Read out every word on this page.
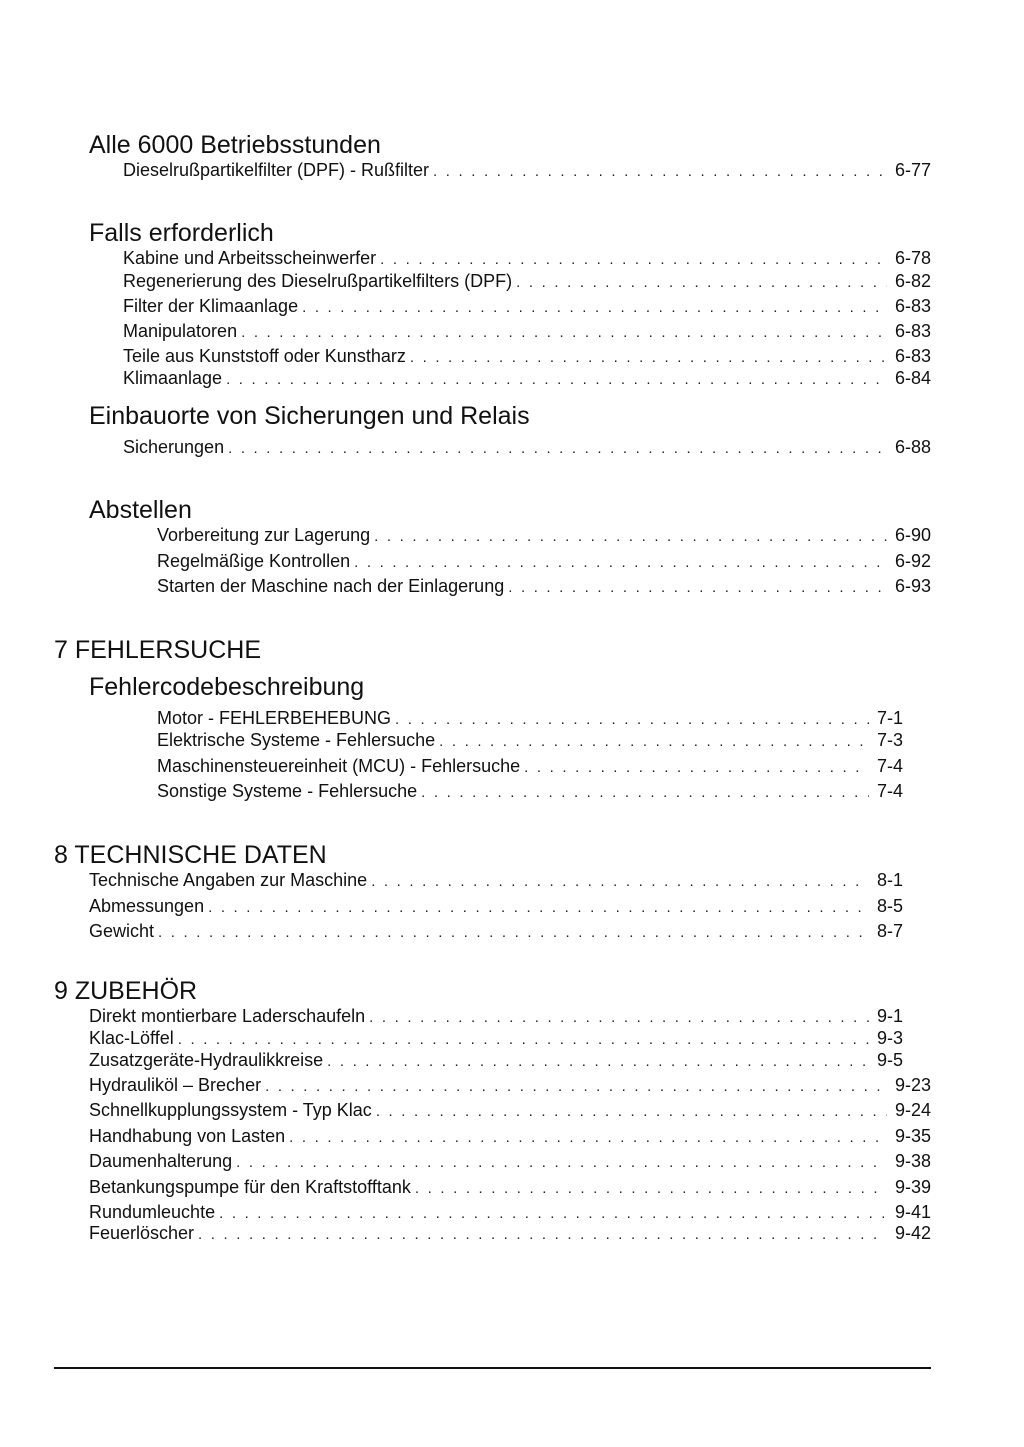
Alle 6000 Betriebsstunden
Dieselrußpartikelfilter (DPF) - Rußfilter . . .	6-77
Falls erforderlich
Kabine und Arbeitsscheinwerfer . . .	6-78
Regenerierung des Dieselrußpartikelfilters (DPF) . . .	6-82
Filter der Klimaanlage . . .	6-83
Manipulatoren . . .	6-83
Teile aus Kunststoff oder Kunstharz . . .	6-83
Klimaanlage . . .	6-84
Einbauorte von Sicherungen und Relais
Sicherungen . . .	6-88
Abstellen
Vorbereitung zur Lagerung . . .	6-90
Regelmäßige Kontrollen . . .	6-92
Starten der Maschine nach der Einlagerung . . .	6-93
7 FEHLERSUCHE
Fehlercodebeschreibung
Motor - FEHLERBEHEBUNG . . .	7-1
Elektrische Systeme - Fehlersuche . . .	7-3
Maschinensteuereinheit (MCU) - Fehlersuche . . .	7-4
Sonstige Systeme - Fehlersuche . . .	7-4
8 TECHNISCHE DATEN
Technische Angaben zur Maschine . . .	8-1
Abmessungen . . .	8-5
Gewicht . . .	8-7
9 ZUBEHÖR
Direkt montierbare Laderschaufeln . . .	9-1
Klac-Löffel . . .	9-3
Zusatzgeräte-Hydraulikkreise . . .	9-5
Hydrauliköl – Brecher . . .	9-23
Schnellkupplungssystem - Typ Klac . . .	9-24
Handhabung von Lasten . . .	9-35
Daumenhalterung . . .	9-38
Betankungspumpe für den Kraftstofftank . . .	9-39
Rundumleuchte . . .	9-41
Feuerlöscher . . .	9-42
